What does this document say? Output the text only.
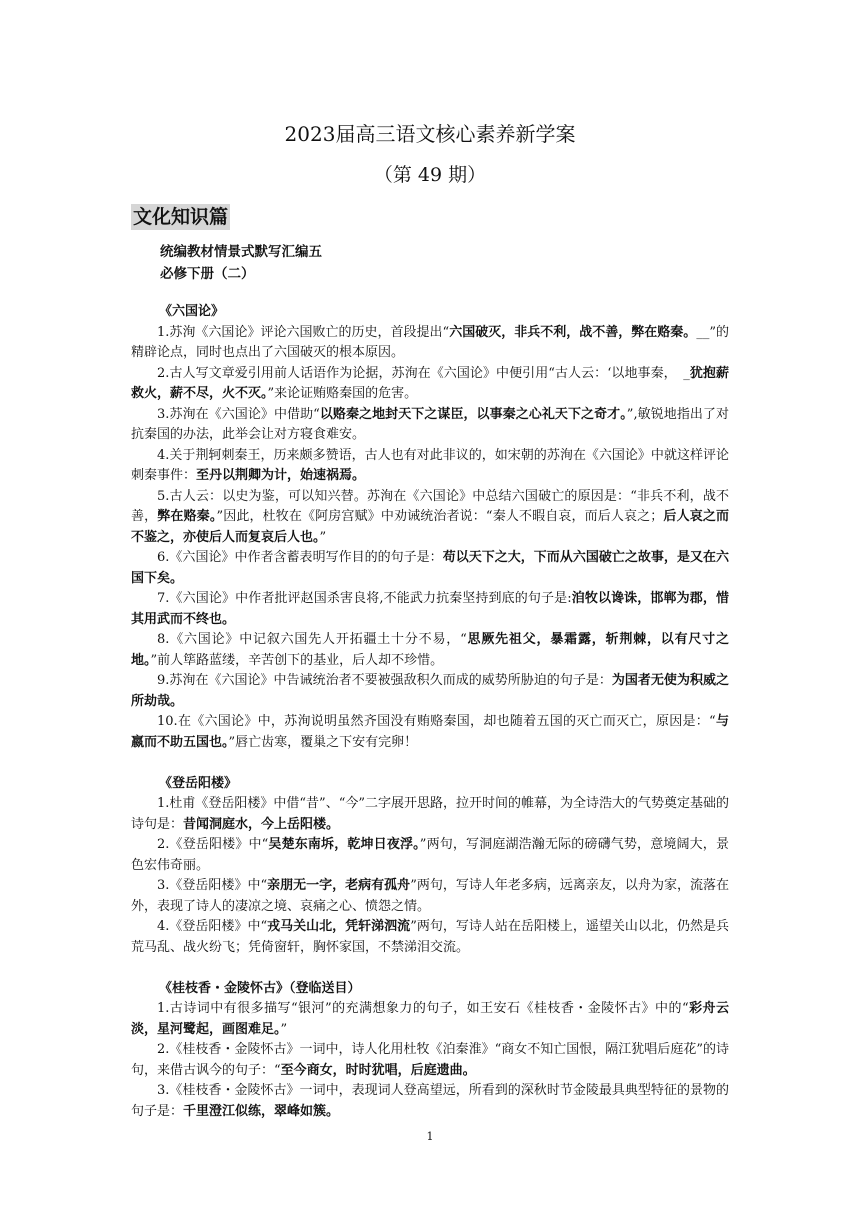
2023届高三语文核心素养新学案
（第 49 期）
文化知识篇
统编教材情景式默写汇编五
必修下册（二）

《六国论》

1.苏洵《六国论》评论六国败亡的历史，首段提出“六国破灭，非兵不利，战不善，弊在赂秦。__”的精辟论点，同时也点出了六国破灭的根本原因。

2.古人写文章爱引用前人话语作为论据，苏洵在《六国论》中便引用“古人云：‘以地事秦，　_犹抱薪救火，薪不尽，火不灭。”来论证贿赂秦国的危害。

3.苏洵在《六国论》中借助“以赂秦之地封天下之谋臣，以事秦之心礼天下之奇才。”,敏锐地指出了对抗秦国的办法，此举会让对方寝食难安。

4.关于荆轲刺秦王，历来颇多赞语，古人也有对此非议的，如宋朝的苏洵在《六国论》中就这样评论刺秦事件：至丹以荆卿为计，始速祸焉。

5.古人云：以史为鉴，可以知兴替。苏洵在《六国论》中总结六国破亡的原因是：“非兵不利，战不善，弊在赂秦。”因此，杜牧在《阿房宫赋》中劝诫统治者说：“秦人不暇自哀，而后人哀之；后人哀之而不鉴之，亦使后人而复哀后人也。”

6.《六国论》中作者含蓄表明写作目的的句子是：苟以天下之大，下而从六国破亡之故事，是又在六国下矣。

7.《六国论》中作者批评赵国杀害良将,不能武力抗秦坚持到底的句子是:洎牧以谗诛，邯郸为郡，惜其用武而不终也。

8.《六国论》中记叙六国先人开拓疆土十分不易，“思厥先祖父，暴霜露，斩荆棘，以有尺寸之地。”前人筚路蓝缕，辛苦创下的基业，后人却不珍惜。

9.苏洵在《六国论》中告诫统治者不要被强敌积久而成的威势所胁迫的句子是：为国者无使为积威之所劫哉。

10.在《六国论》中，苏洵说明虽然齐国没有贿赂秦国，却也随着五国的灭亡而灭亡，原因是：“与嬴而不助五国也。”唇亡齿寒，覆巢之下安有完卵！

《登岳阳楼》

1.杜甫《登岳阳楼》中借“昔”、“今”二字展开思路，拉开时间的帷幕，为全诗浩大的气势奠定基础的诗句是：昔闻洞庭水，今上岳阳楼。

2.《登岳阳楼》中“吴楚东南坼，乾坤日夜浮。”两句，写洞庭湖浩瀚无际的磅礴气势，意境阔大，景色宏伟奇丽。

3.《登岳阳楼》中“亲朋无一字，老病有孤舟”两句，写诗人年老多病，远离亲友，以舟为家，流落在外，表现了诗人的凄凉之境、哀痛之心、愤怨之情。

4.《登岳阳楼》中“戎马关山北，凭轩涕泗流”两句，写诗人站在岳阳楼上，遥望关山以北，仍然是兵荒马乱、战火纷飞；凭倚窗轩，胸怀家国，不禁涕泪交流。

《桂枝香・金陵怀古》（登临送目）

1.古诗词中有很多描写“银河”的充满想象力的句子，如王安石《桂枝香・金陵怀古》中的“彩舟云淡，星河鹭起，画图难足。”

2.《桂枝香・金陵怀古》一词中，诗人化用杜牧《泊秦淮》“商女不知亡国恨，隔江犹唱后庭花”的诗句，来借古讽今的句子：“至今商女，时时犹唱，后庭遗曲。

3.《桂枝香・金陵怀古》一词中，表现词人登高望远，所看到的深秋时节金陵最具典型特征的景物的句子是：千里澄江似练，翠峰如簇。

1
